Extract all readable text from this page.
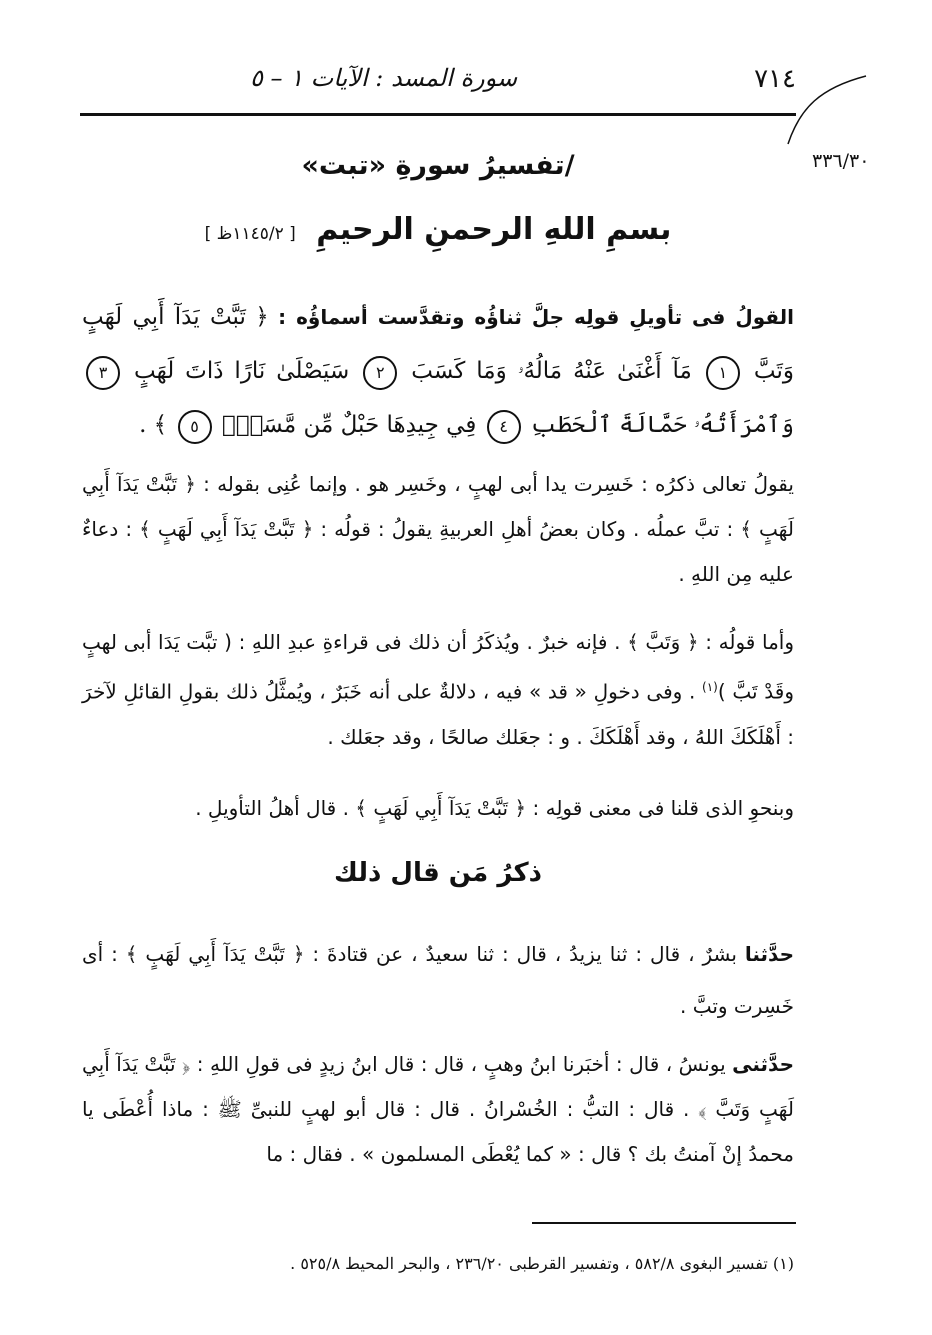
٧١٤
سورة المسد : الآيات ١ – ٥
٣٣٦/٣٠
/تفسيرُ سورةِ «تبت»
بسمِ اللهِ الرحمنِ الرحيمِ [ ١١٤٥/٢ظ ]
القولُ فى تأويلِ قولِه جلَّ ثناؤُه وتقدَّست أسماؤُه : ﴿ تَبَّتْ يَدَآ أَبِي لَهَبٍ وَتَبَّ ١ مَآ أَغْنَىٰ عَنْهُ مَالُهُۥ وَمَا كَسَبَ ٢ سَيَصْلَىٰ نَارًا ذَاتَ لَهَبٍ ٣ وَٱمْرَأَتُهُۥ حَمَّالَةَ ٱلْحَطَبِ ٤ فِي جِيدِهَا حَبْلٌ مِّن مَّسَدٍۭ ٥ ﴾ .
يقولُ تعالى ذكرُه : خَسِرت يدا أبى لهبٍ ، وخَسِر هو . وإنما عُنِى بقوله : ﴿ تَبَّتْ يَدَآ أَبِي لَهَبٍ ﴾ : تبَّ عملُه . وكان بعضُ أهلِ العربيةِ يقولُ : قولُه : ﴿ تَبَّتْ يَدَآ أَبِي لَهَبٍ ﴾ : دعاءٌ عليه مِن اللهِ .
وأما قولُه : ﴿ وَتَبَّ ﴾ . فإنه خبرٌ . ويُذكَرُ أن ذلك فى قراءةِ عبدِ اللهِ : ( تبَّت يَدَا أبى لهبٍ وقَدْ تَبَّ )$^{(١)}$ . وفى دخولِ « قد » فيه ، دلالةٌ على أنه خَبَرٌ ، ويُمثَّلُ ذلك بقولِ القائلِ لآخرَ : أَهْلَكَكَ اللهُ ، وقد أَهْلَكَكَ . و : جعَلك صالحًا ، وقد جعَلك .
وبنحوِ الذى قلنا فى معنى قولِه : ﴿ تَبَّتْ يَدَآ أَبِي لَهَبٍ ﴾ . قال أهلُ التأويلِ .
ذكرُ مَن قال ذلك
حدَّثنا بشرٌ ، قال : ثنا يزيدُ ، قال : ثنا سعيدٌ ، عن قتادةَ : ﴿ تَبَّتْ يَدَآ أَبِي لَهَبٍ ﴾ : أى خَسِرت وتبَّ .
حدَّثنى يونسُ ، قال : أخبَرنا ابنُ وهبٍ ، قال : قال ابنُ زيدٍ فى قولِ اللهِ : ﴿ تَبَّتْ يَدَآ أَبِي لَهَبٍ وَتَبَّ ﴾ . قال : التبُّ : الخُسْرانُ . قال : قال أبو لهبٍ للنبىِّ ﷺ : ماذا أُعْطَى يا محمدُ إنْ آمنتُ بك ؟ قال : « كما يُعْطَى المسلمون » . فقال : ما
(١) تفسير البغوى ٥٨٢/٨ ، وتفسير القرطبى ٢٣٦/٢٠ ، والبحر المحيط ٥٢٥/٨ .
